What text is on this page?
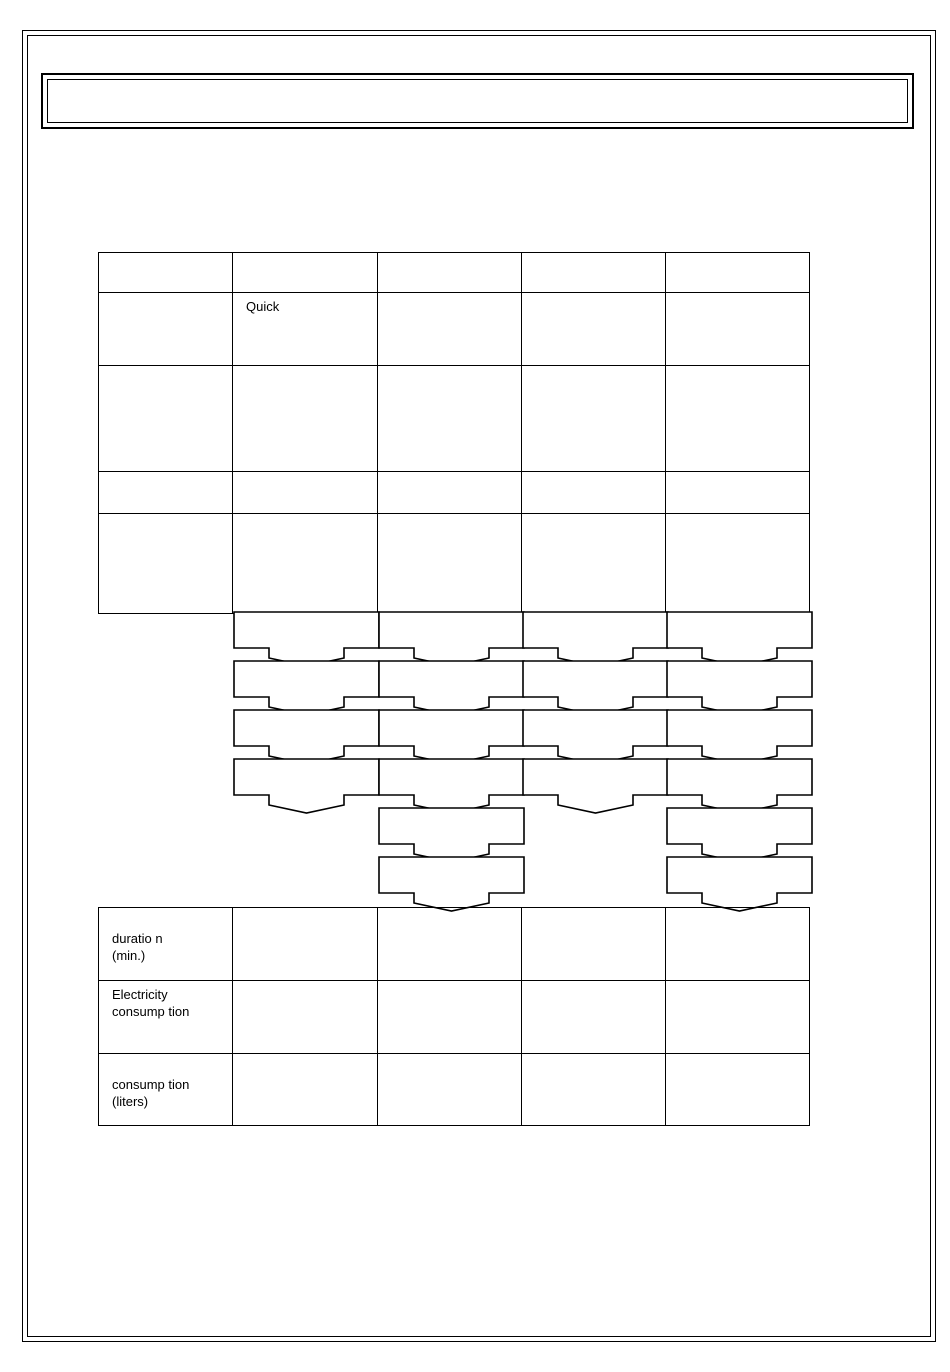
	Quick			

duratio n
(min.)				

Electricity
consump tion				

consump tion
(liters)				
